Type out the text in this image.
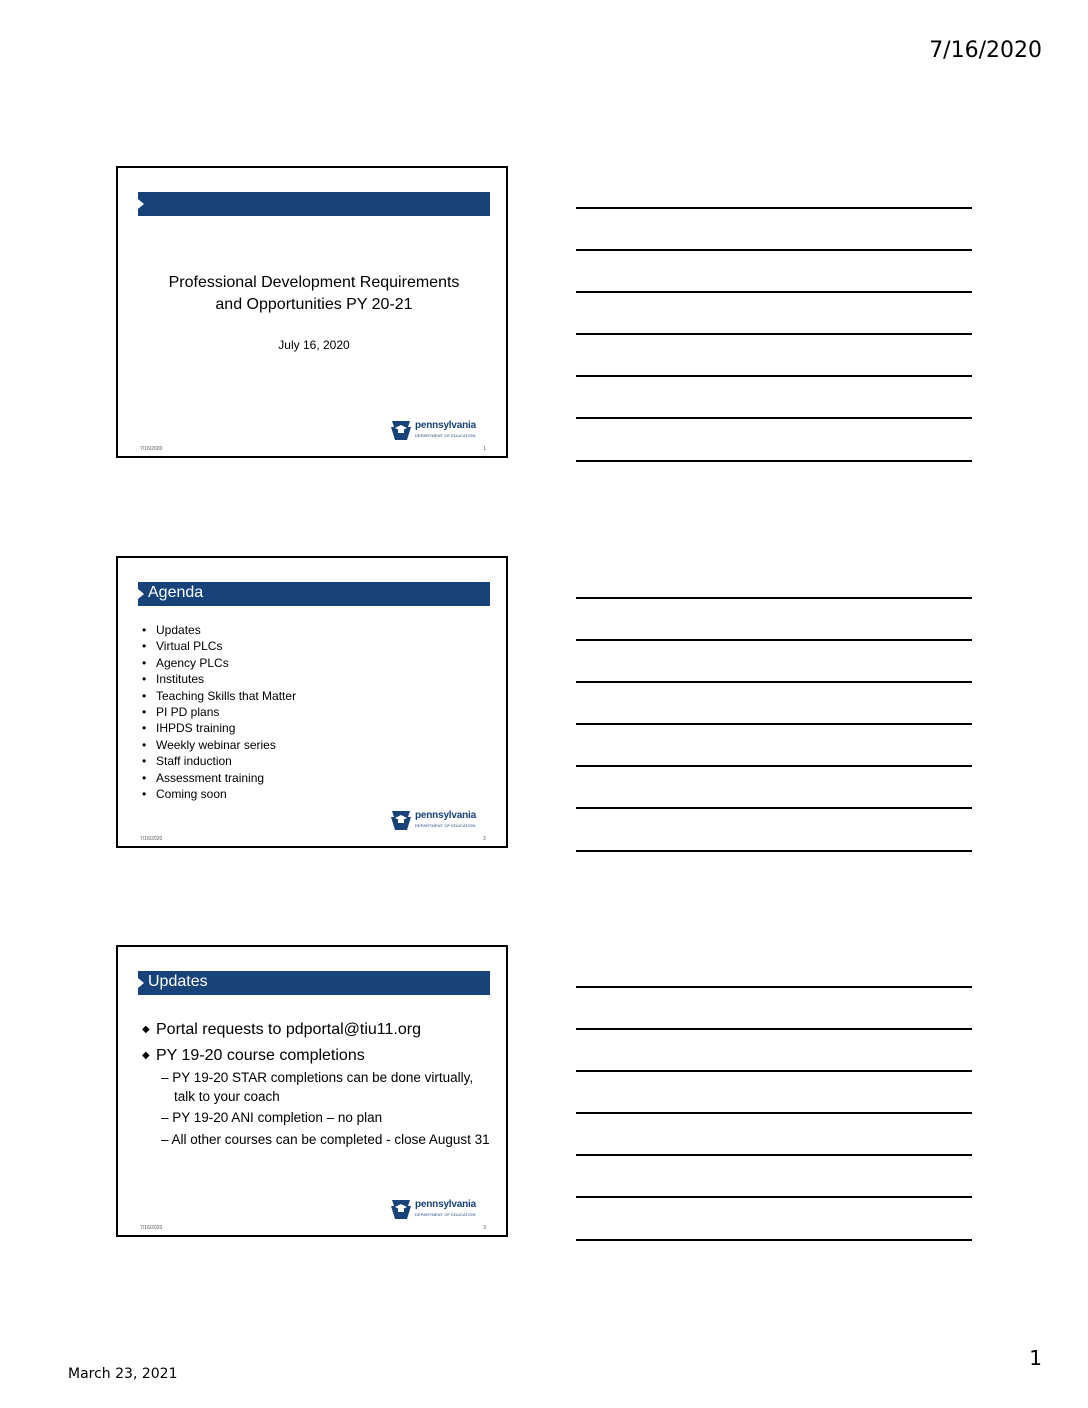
7/16/2020
Professional Development Requirements
and Opportunities PY 20-21
July 16, 2020
pennsylvania
DEPARTMENT OF EDUCATION
7/16/2020	1
Agenda
• Updates
• Virtual PLCs
• Agency PLCs
• Institutes
• Teaching Skills that Matter
• PI PD plans
• IHPDS training
• Weekly webinar series
• Staff induction
• Assessment training
• Coming soon
pennsylvania
DEPARTMENT OF EDUCATION
7/16/2020	2
Updates
◆ Portal requests to pdportal@tiu11.org
◆ PY 19-20 course completions
– PY 19-20 STAR completions can be done virtually, talk to your coach
– PY 19-20 ANI completion – no plan
– All other courses can be completed - close August 31
pennsylvania
DEPARTMENT OF EDUCATION
7/16/2020	3
1
March 23, 2021
